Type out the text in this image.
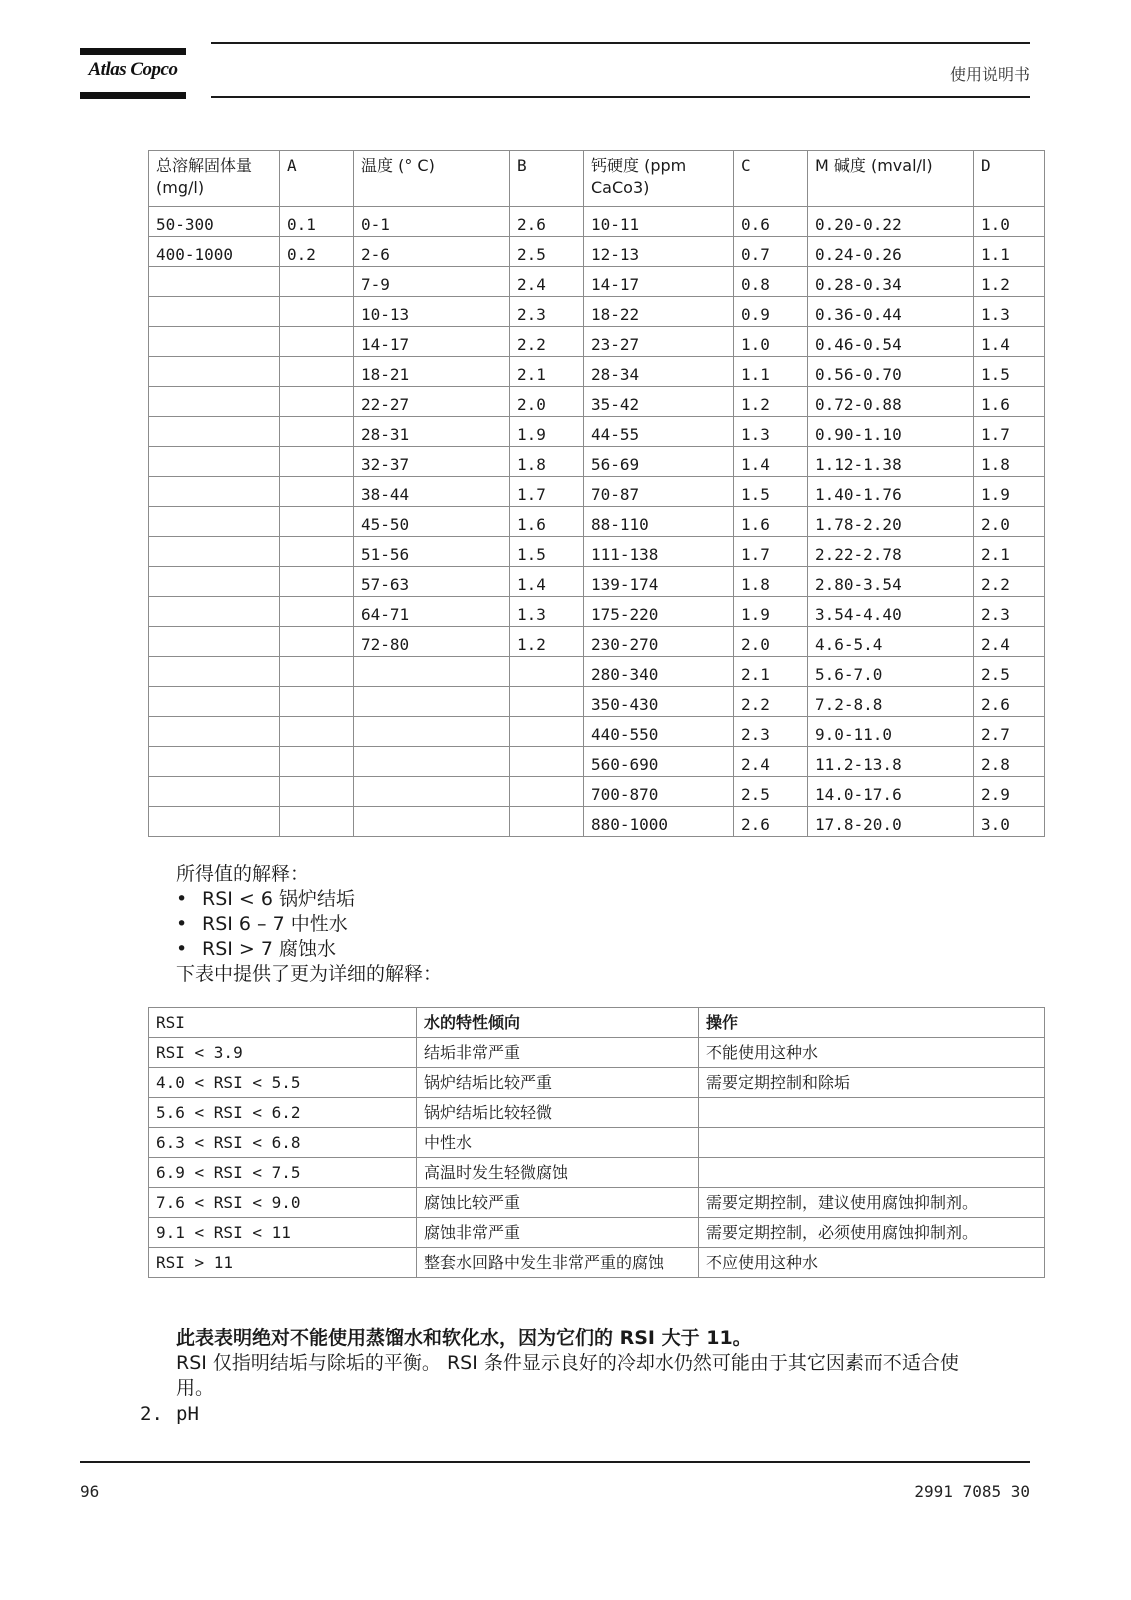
Atlas Copco	使用说明书
总溶解固体量 (mg/l)	A	温度 (° C)	B	钙硬度 (ppm CaCo3)	C	M 碱度 (mval/l)	D
50-300	0.1	0-1	2.6	10-11	0.6	0.20-0.22	1.0
400-1000	0.2	2-6	2.5	12-13	0.7	0.24-0.26	1.1
		7-9	2.4	14-17	0.8	0.28-0.34	1.2
		10-13	2.3	18-22	0.9	0.36-0.44	1.3
		14-17	2.2	23-27	1.0	0.46-0.54	1.4
		18-21	2.1	28-34	1.1	0.56-0.70	1.5
		22-27	2.0	35-42	1.2	0.72-0.88	1.6
		28-31	1.9	44-55	1.3	0.90-1.10	1.7
		32-37	1.8	56-69	1.4	1.12-1.38	1.8
		38-44	1.7	70-87	1.5	1.40-1.76	1.9
		45-50	1.6	88-110	1.6	1.78-2.20	2.0
		51-56	1.5	111-138	1.7	2.22-2.78	2.1
		57-63	1.4	139-174	1.8	2.80-3.54	2.2
		64-71	1.3	175-220	1.9	3.54-4.40	2.3
		72-80	1.2	230-270	2.0	4.6-5.4	2.4
				280-340	2.1	5.6-7.0	2.5
				350-430	2.2	7.2-8.8	2.6
				440-550	2.3	9.0-11.0	2.7
				560-690	2.4	11.2-13.8	2.8
				700-870	2.5	14.0-17.6	2.9
				880-1000	2.6	17.8-20.0	3.0
所得值的解释：
• RSI < 6 锅炉结垢
• RSI 6 – 7 中性水
• RSI > 7 腐蚀水
下表中提供了更为详细的解释：
RSI	水的特性倾向	操作
RSI < 3.9	结垢非常严重	不能使用这种水
4.0 < RSI < 5.5	锅炉结垢比较严重	需要定期控制和除垢
5.6 < RSI < 6.2	锅炉结垢比较轻微	
6.3 < RSI < 6.8	中性水	
6.9 < RSI < 7.5	高温时发生轻微腐蚀	
7.6 < RSI < 9.0	腐蚀比较严重	需要定期控制，建议使用腐蚀抑制剂。
9.1 < RSI < 11	腐蚀非常严重	需要定期控制，必须使用腐蚀抑制剂。
RSI > 11	整套水回路中发生非常严重的腐蚀	不应使用这种水
此表表明绝对不能使用蒸馏水和软化水，因为它们的 RSI 大于 11。
RSI 仅指明结垢与除垢的平衡。 RSI 条件显示良好的冷却水仍然可能由于其它因素而不适合使
用。
2. pH
96	2991 7085 30
